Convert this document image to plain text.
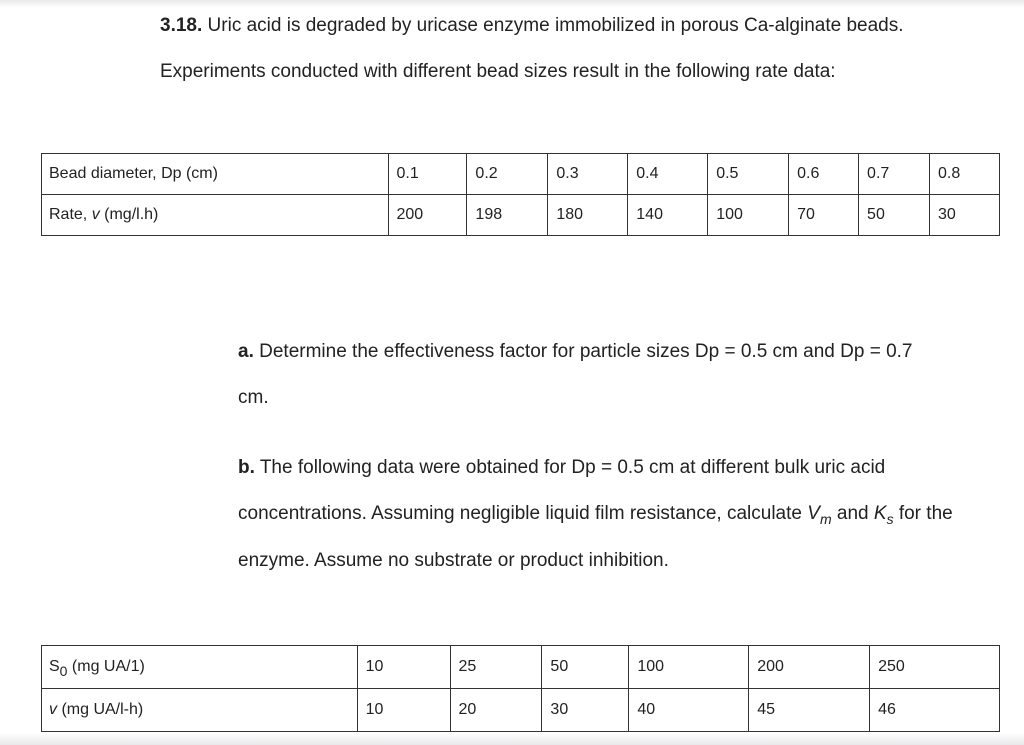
3.18. Uric acid is degraded by uricase enzyme immobilized in porous Ca-alginate beads.
Experiments conducted with different bead sizes result in the following rate data:
Bead diameter, Dp (cm)	0.1	0.2	0.3	0.4	0.5	0.6	0.7	0.8
Rate, v (mg/l.h)	200	198	180	140	100	70	50	30
a. Determine the effectiveness factor for particle sizes Dp = 0.5 cm and Dp = 0.7
cm.
b. The following data were obtained for Dp = 0.5 cm at different bulk uric acid
concentrations. Assuming negligible liquid film resistance, calculate $V_m$ and $K_s$ for the
enzyme. Assume no substrate or product inhibition.
$S_0$ (mg UA/1)	10	25	50	100	200	250
v (mg UA/l-h)	10	20	30	40	45	46
